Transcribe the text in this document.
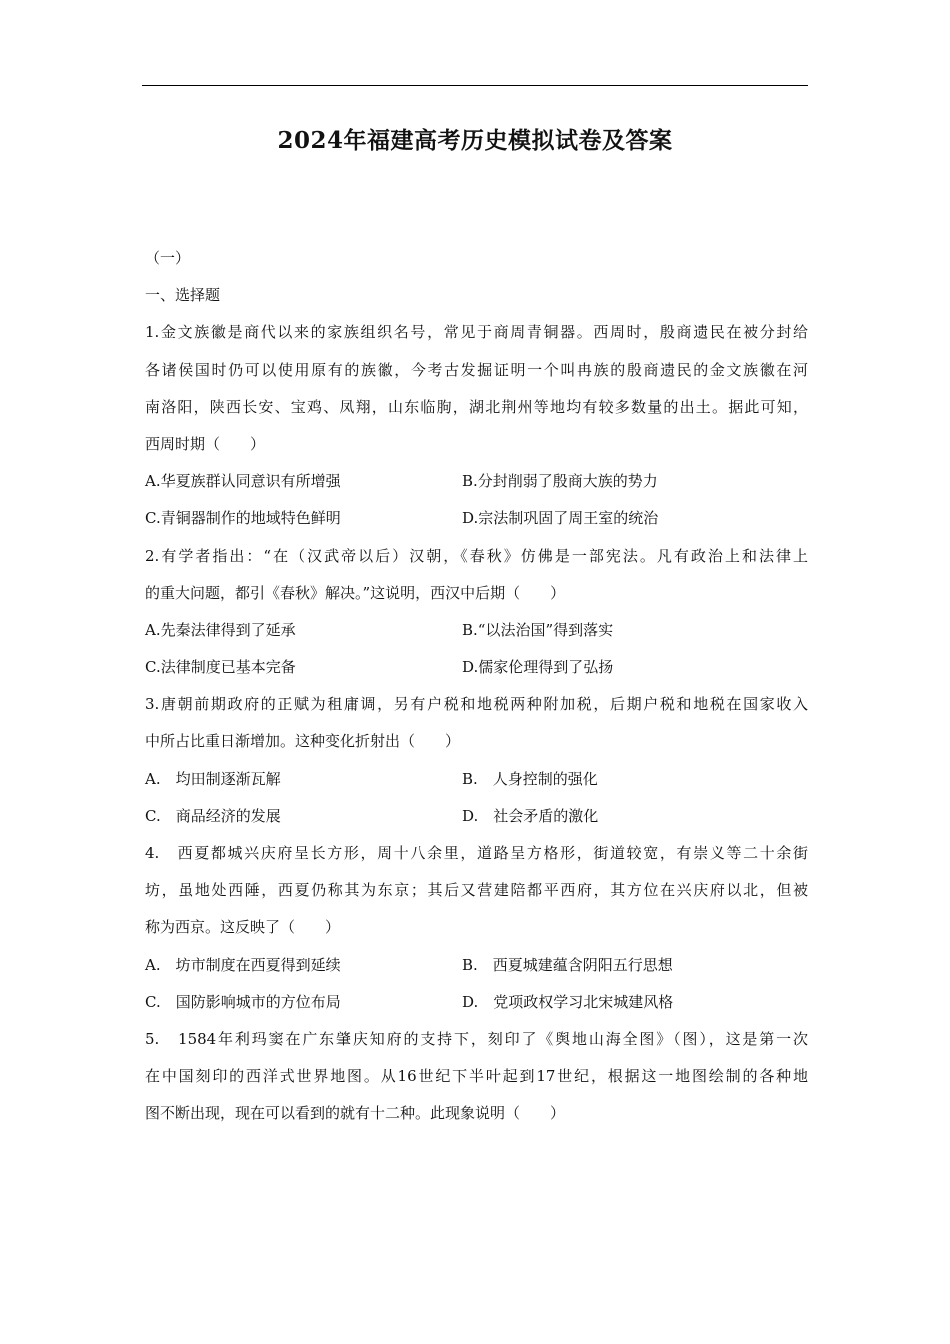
2024年福建高考历史模拟试卷及答案
（一）
一、选择题
1.金文族徽是商代以来的家族组织名号，常见于商周青铜器。西周时，殷商遗民在被分封给
各诸侯国时仍可以使用原有的族徽，今考古发掘证明一个叫冉族的殷商遗民的金文族徽在河
南洛阳，陕西长安、宝鸡、凤翔，山东临朐，湖北荆州等地均有较多数量的出土。据此可知，
西周时期（　　）
A.华夏族群认同意识有所增强	B.分封削弱了殷商大族的势力
C.青铜器制作的地域特色鲜明	D.宗法制巩固了周王室的统治
2.有学者指出：“在（汉武帝以后）汉朝，《春秋》仿佛是一部宪法。凡有政治上和法律上
的重大问题，都引《春秋》解决。”这说明，西汉中后期（　　）
A.先秦法律得到了延承	B.“以法治国”得到落实
C.法律制度已基本完备	D.儒家伦理得到了弘扬
3.唐朝前期政府的正赋为租庸调，另有户税和地税两种附加税，后期户税和地税在国家收入
中所占比重日渐增加。这种变化折射出（　　）
A.　均田制逐渐瓦解	B.　人身控制的强化
C.　商品经济的发展	D.　社会矛盾的激化
4.　西夏都城兴庆府呈长方形，周十八余里，道路呈方格形，街道较宽，有崇义等二十余街
坊，虽地处西陲，西夏仍称其为东京；其后又营建陪都平西府，其方位在兴庆府以北，但被
称为西京。这反映了（　　）
A.　坊市制度在西夏得到延续	B.　西夏城建蕴含阴阳五行思想
C.　国防影响城市的方位布局	D.　党项政权学习北宋城建风格
5.　1584年利玛窦在广东肇庆知府的支持下，刻印了《舆地山海全图》（图），这是第一次
在中国刻印的西洋式世界地图。从16世纪下半叶起到17世纪，根据这一地图绘制的各种地
图不断出现，现在可以看到的就有十二种。此现象说明（　　）
